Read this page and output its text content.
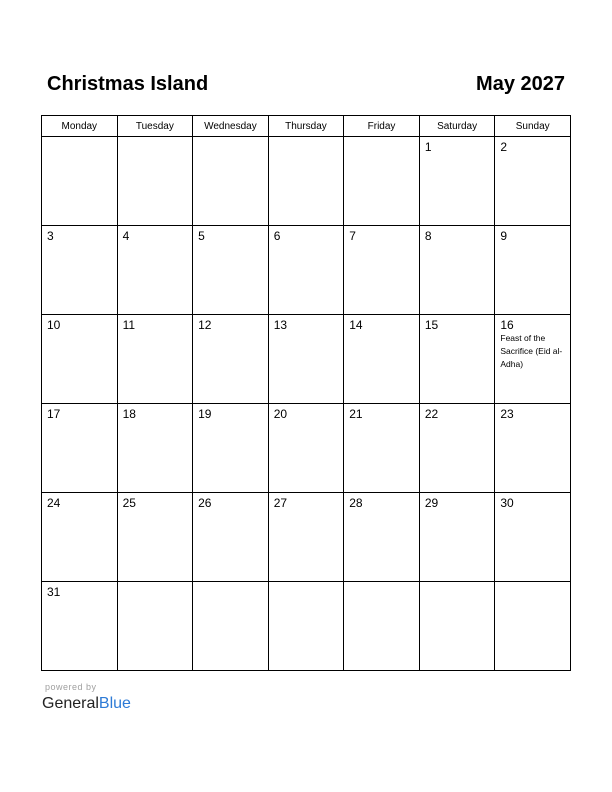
Christmas Island	May 2027
Monday	Tuesday	Wednesday	Thursday	Friday	Saturday	Sunday

					1	2

3	4	5	6	7	8	9

10	11	12	13	14	15	16
Feast of the Sacrifice (Eid al-Adha)

17	18	19	20	21	22	23

24	25	26	27	28	29	30

31						

powered by
GeneralBlue
